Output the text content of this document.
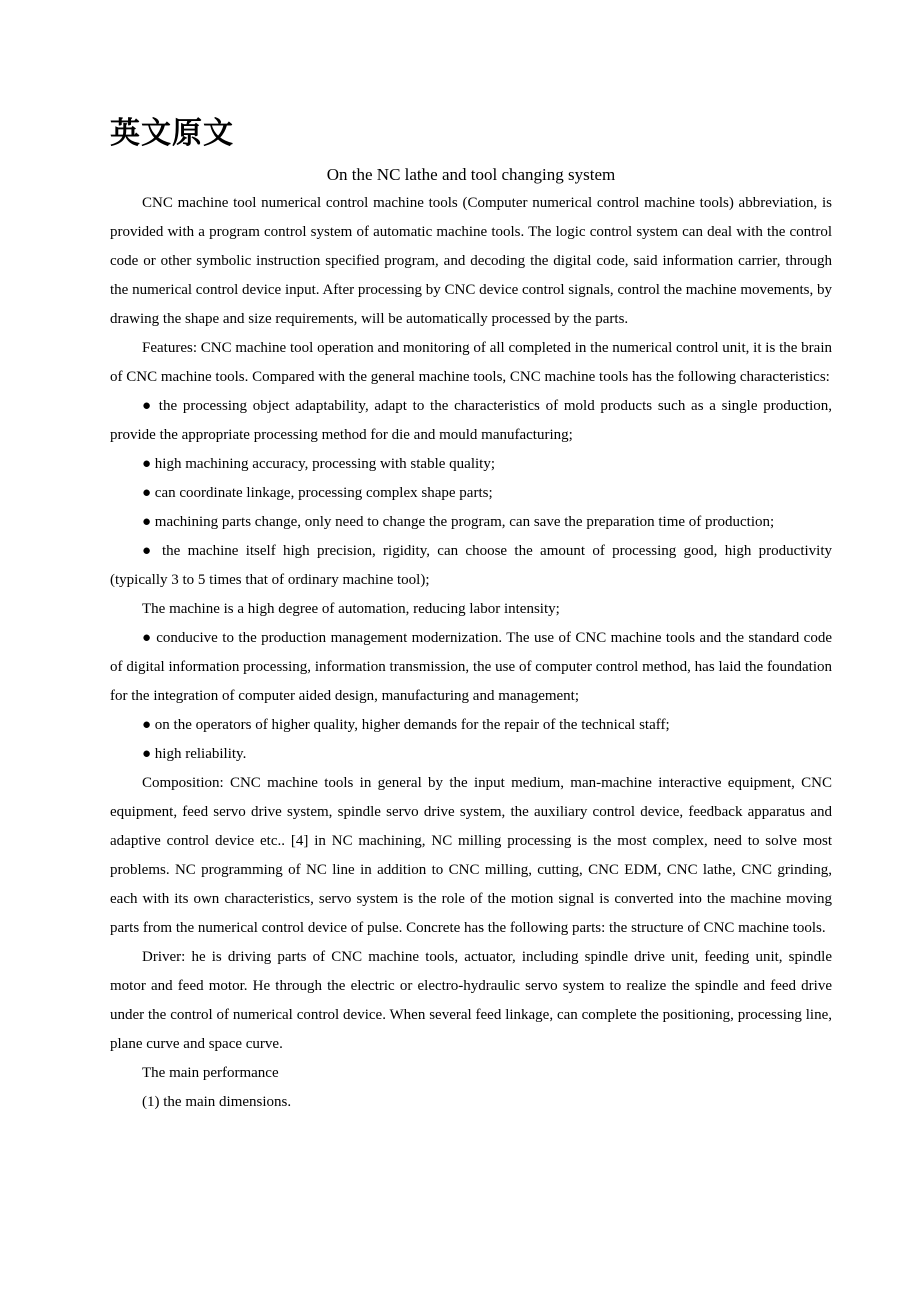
英文原文
On the NC lathe and tool changing system

CNC machine tool numerical control machine tools (Computer numerical control machine tools) abbreviation, is provided with a program control system of automatic machine tools. The logic control system can deal with the control code or other symbolic instruction specified program, and decoding the digital code, said information carrier, through the numerical control device input. After processing by CNC device control signals, control the machine movements, by drawing the shape and size requirements, will be automatically processed by the parts.

Features: CNC machine tool operation and monitoring of all completed in the numerical control unit, it is the brain of CNC machine tools. Compared with the general machine tools, CNC machine tools has the following characteristics:

● the processing object adaptability, adapt to the characteristics of mold products such as a single production, provide the appropriate processing method for die and mould manufacturing;

● high machining accuracy, processing with stable quality;

● can coordinate linkage, processing complex shape parts;

● machining parts change, only need to change the program, can save the preparation time of production;

● the machine itself high precision, rigidity, can choose the amount of processing good, high productivity (typically 3 to 5 times that of ordinary machine tool);

The machine is a high degree of automation, reducing labor intensity;

● conducive to the production management modernization. The use of CNC machine tools and the standard code of digital information processing, information transmission, the use of computer control method, has laid the foundation for the integration of computer aided design, manufacturing and management;

● on the operators of higher quality, higher demands for the repair of the technical staff;

● high reliability.

Composition: CNC machine tools in general by the input medium, man-machine interactive equipment, CNC equipment, feed servo drive system, spindle servo drive system, the auxiliary control device, feedback apparatus and adaptive control device etc.. [4] in NC machining, NC milling processing is the most complex, need to solve most problems. NC programming of NC line in addition to CNC milling, cutting, CNC EDM, CNC lathe, CNC grinding, each with its own characteristics, servo system is the role of the motion signal is converted into the machine moving parts from the numerical control device of pulse. Concrete has the following parts: the structure of CNC machine tools.

Driver: he is driving parts of CNC machine tools, actuator, including spindle drive unit, feeding unit, spindle motor and feed motor. He through the electric or electro-hydraulic servo system to realize the spindle and feed drive under the control of numerical control device. When several feed linkage, can complete the positioning, processing line, plane curve and space curve.

The main performance

(1) the main dimensions.
